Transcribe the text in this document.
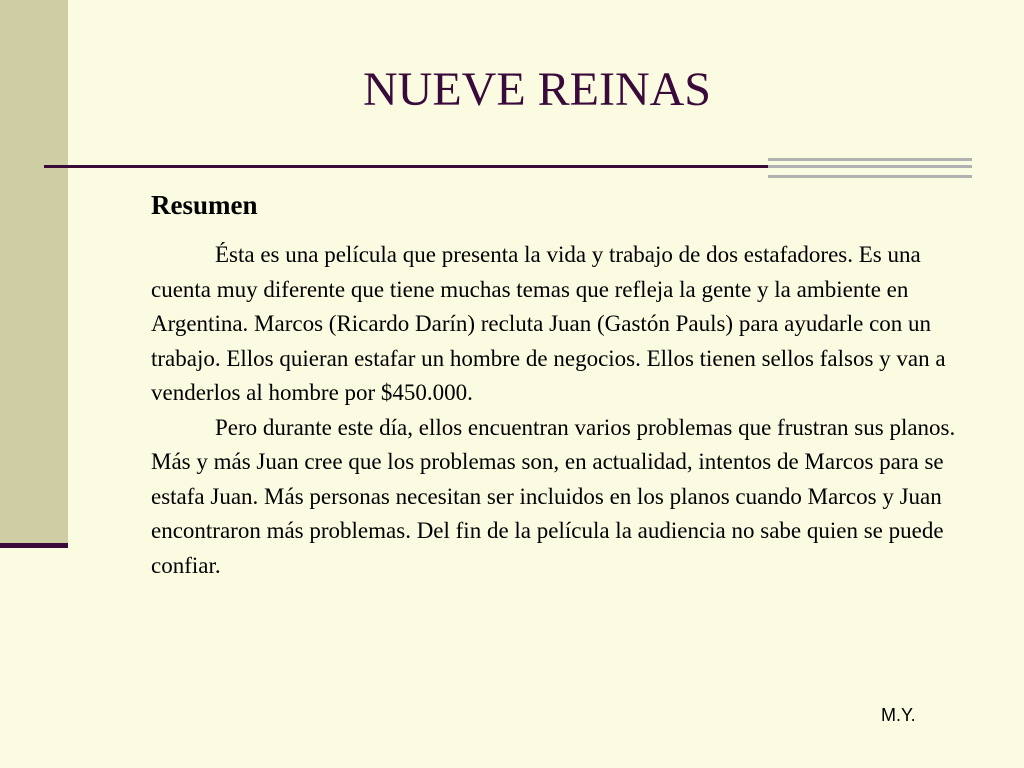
NUEVE REINAS

Resumen

Ésta es una película que presenta la vida y trabajo de dos estafadores. Es una cuenta muy diferente que tiene muchas temas que refleja la gente y la ambiente en Argentina. Marcos (Ricardo Darín) recluta Juan (Gastón Pauls) para ayudarle con un trabajo. Ellos quieran estafar un hombre de negocios. Ellos tienen sellos falsos y van a venderlos al hombre por $450.000.

Pero durante este día, ellos encuentran varios problemas que frustran sus planos. Más y más Juan cree que los problemas son, en actualidad, intentos de Marcos para se estafa Juan. Más personas necesitan ser incluidos en los planos cuando Marcos y Juan encontraron más problemas. Del fin de la película la audiencia no sabe quien se puede confiar.

M.Y.
